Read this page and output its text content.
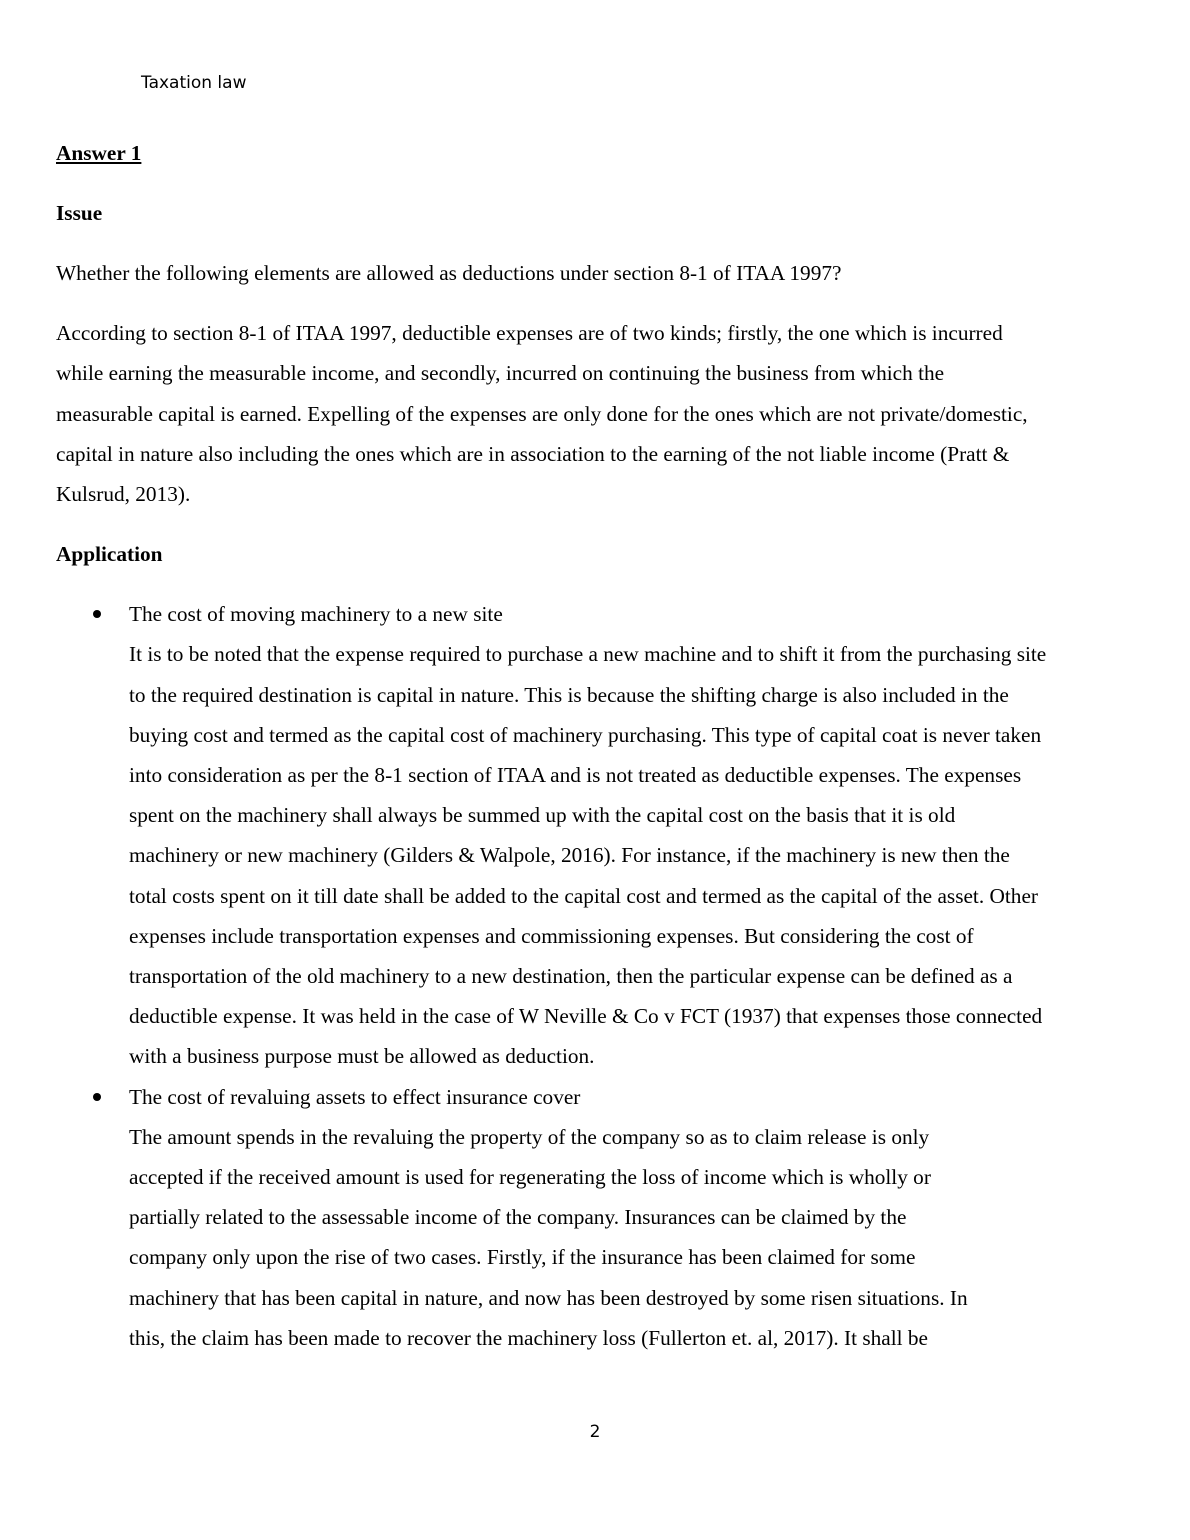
Taxation law
Answer 1
Issue
Whether the following elements are allowed as deductions under section 8-1 of ITAA 1997?
According to section 8-1 of ITAA 1997, deductible expenses are of two kinds; firstly, the one which is incurred
while earning the measurable income, and secondly, incurred on continuing the business from which the
measurable capital is earned. Expelling of the expenses are only done for the ones which are not private/domestic,
capital in nature also including the ones which are in association to the earning of the not liable income (Pratt &
Kulsrud, 2013).
Application
The cost of moving machinery to a new site
It is to be noted that the expense required to purchase a new machine and to shift it from the purchasing site
to the required destination is capital in nature. This is because the shifting charge is also included in the
buying cost and termed as the capital cost of machinery purchasing. This type of capital coat is never taken
into consideration as per the 8-1 section of ITAA and is not treated as deductible expenses. The expenses
spent on the machinery shall always be summed up with the capital cost on the basis that it is old
machinery or new machinery (Gilders & Walpole, 2016). For instance, if the machinery is new then the
total costs spent on it till date shall be added to the capital cost and termed as the capital of the asset. Other
expenses include transportation expenses and commissioning expenses. But considering the cost of
transportation of the old machinery to a new destination, then the particular expense can be defined as a
deductible expense. It was held in the case of W Neville & Co v FCT (1937) that expenses those connected
with a business purpose must be allowed as deduction.
The cost of revaluing assets to effect insurance cover
The amount spends in the revaluing the property of the company so as to claim release is only
accepted if the received amount is used for regenerating the loss of income which is wholly or
partially related to the assessable income of the company. Insurances can be claimed by the
company only upon the rise of two cases. Firstly, if the insurance has been claimed for some
machinery that has been capital in nature, and now has been destroyed by some risen situations. In
this, the claim has been made to recover the machinery loss (Fullerton et. al, 2017). It shall be
2
